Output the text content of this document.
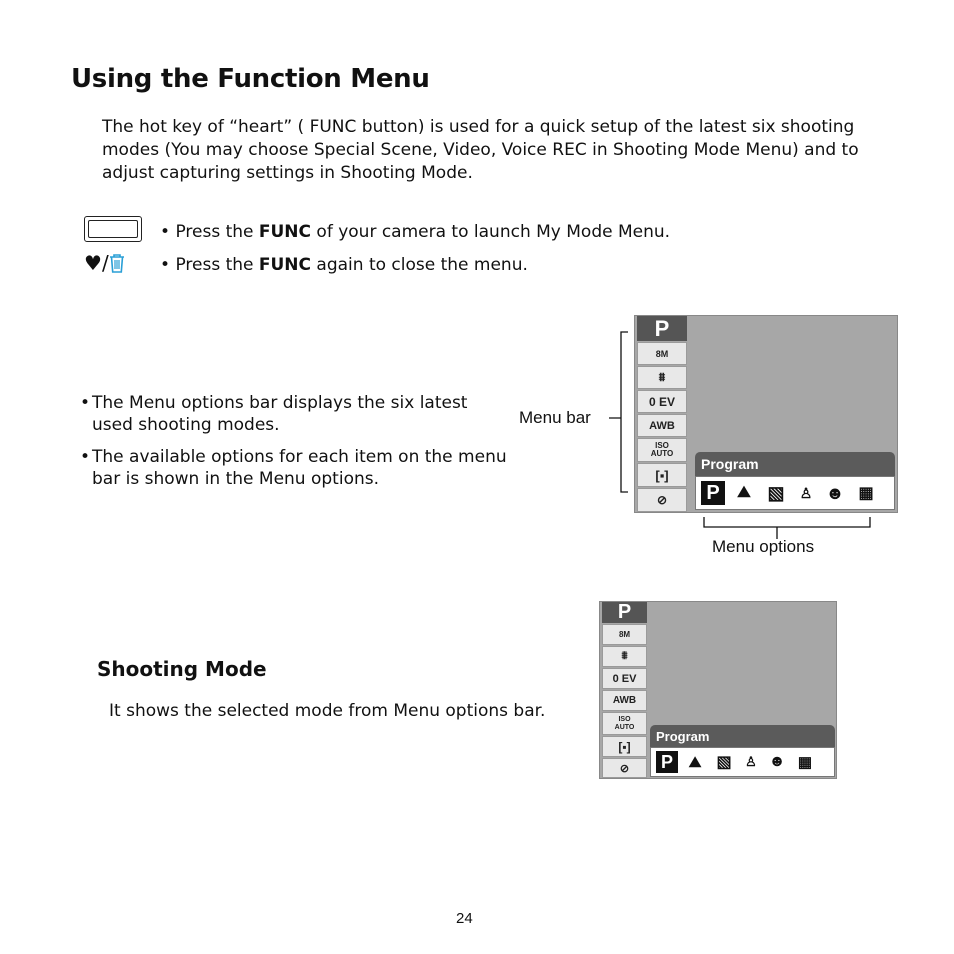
Using the Function Menu

The hot key of “heart” ( FUNC button) is used for a quick setup of the latest six shooting modes (You may choose Special Scene, Video, Voice REC in Shooting Mode Menu) and to adjust capturing settings in Shooting Mode.

♥/
• Press the FUNC of your camera to launch My Mode Menu.
• Press the FUNC again to close the menu.
• The Menu options bar displays the six latest used shooting modes.
• The available options for each item on the menu bar is shown in the Menu options.
P
8M
⩩
0 EV
AWB
ISO
AUTO
[▪]
⊘
Program
P	⛰ ▧	♙ ☻ ▦
Menu bar
Menu options
Shooting Mode
It shows the selected mode from Menu options bar.
P
8M
⩩
0 EV
AWB
ISO
AUTO
[▪]
⊘
Program
P	⛰ ▧	♙ ☻ ▦
24
